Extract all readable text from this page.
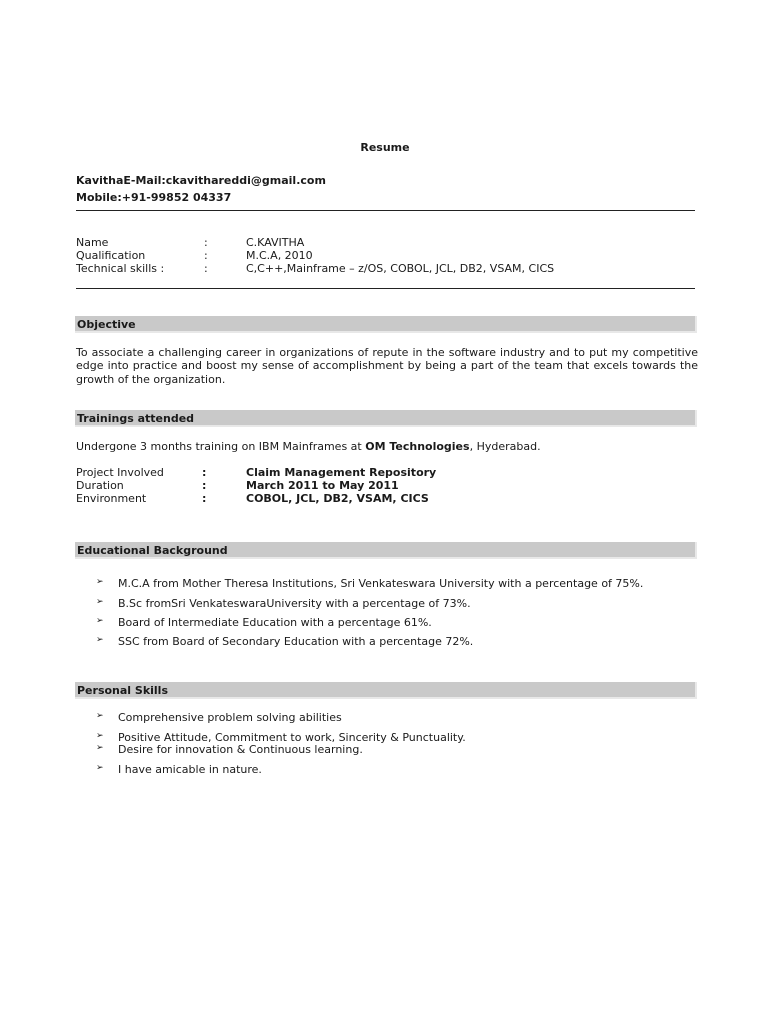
Resume
KavithaE-Mail:ckavithareddi@gmail.com
Mobile:+91-99852 04337
Name	:	C.KAVITHA
Qualification	:	M.C.A, 2010
Technical skills :	:	C,C++,Mainframe – z/OS, COBOL, JCL, DB2, VSAM, CICS
Objective
To associate a challenging career in organizations of repute in the software industry and to put my competitive edge into practice and boost my sense of accomplishment by being a part of the team that excels towards the growth of the organization.
Trainings attended
Undergone 3 months training on IBM Mainframes at OM Technologies, Hyderabad.
Project Involved	:	Claim Management Repository
Duration	:	March 2011 to May 2011
Environment	:	COBOL, JCL, DB2, VSAM, CICS
Educational Background
➢ M.C.A from Mother Theresa Institutions, Sri Venkateswara University with a percentage of 75%.
➢ B.Sc fromSri VenkateswaraUniversity with a percentage of 73%.
➢ Board of Intermediate Education with a percentage 61%.
➢ SSC from Board of Secondary Education with a percentage 72%.
Personal Skills
➢ Comprehensive problem solving abilities
➢ Positive Attitude, Commitment to work, Sincerity & Punctuality.
➢ Desire for innovation & Continuous learning.
➢ I have amicable in nature.
